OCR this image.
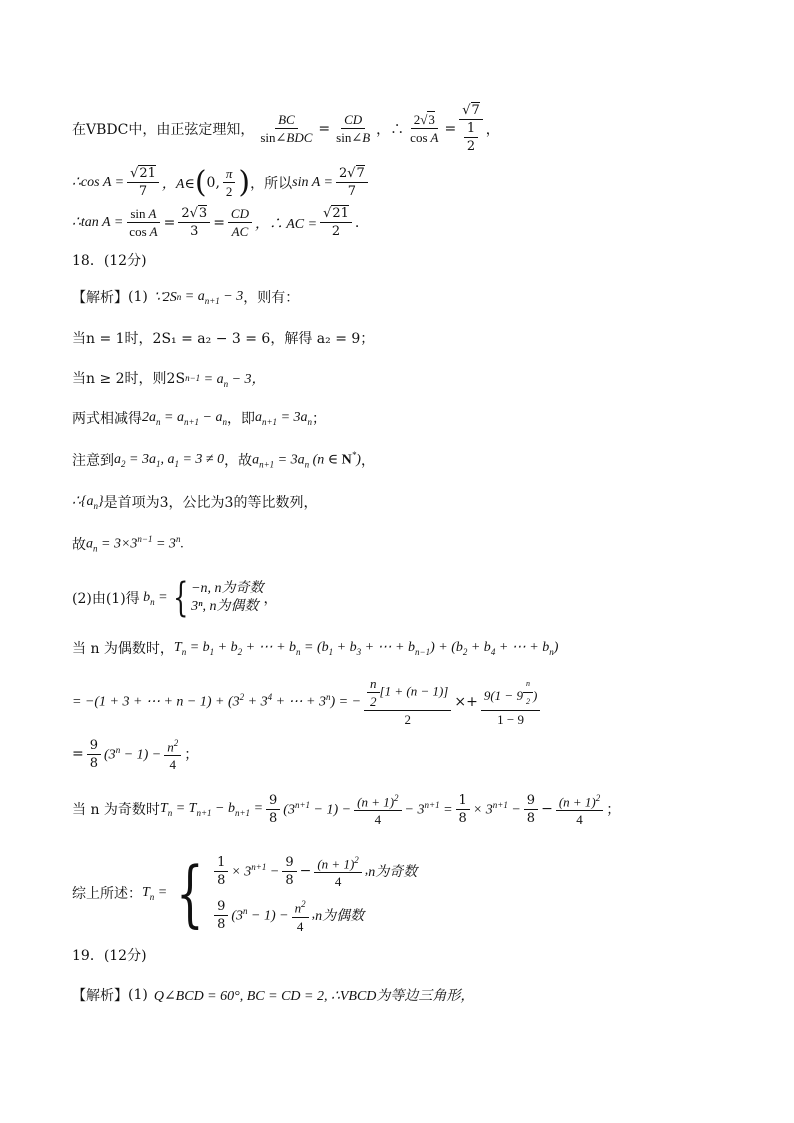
在VBDC中，由正弦定理知， $\frac{BC}{\text{sin∠BDC}} = \frac{CD}{\sin\angle B}$ ，∴ $\frac{2√3}{\text{cos A}} = \frac{√7}{\frac{1}{2}}$ ，
∴cos $A = \frac{√21}{7}$ ，A∈ ( 0, $\frac{\pi}{2}$ ) ，所以 $\sin A = \frac{2√7}{7}$
∴tan $A = \frac{\text{sin A}}{\text{cos A}} = \frac{2√3}{3} = \frac{CD}{AC}$ ，∴ AC = $\frac{√21}{2}$ .
18．(12分)
【解析】 (1) ∵2S $n = a_{n+1} - 3$ ，则有：
当n = 1时，2S₁ = a₂ − 3 = 6，解得 a₂ = 9；
当n ≥ 2时，则2S $n-1 = a_n - 3$，
两式相减得 $2a_n = a_{n+1} - a_n$ ，即 $a_{n+1} = 3a_n$ ；
注意到 $a_2 = 3a_1$, $a_1 = 3 \ne 0$ ，故 $a_{n+1} = 3a_n$ (n ∈ N*) ，
$\therefore\{a_n\}$ 是首项为3，公比为3的等比数列，
故 $a_n = 3\times 3^{n-1} = 3^n$.
(2)由(1)得 $b_n$ = { −n, n为奇数
3ⁿ, n为偶数 ，
当 n 为偶数时， $T_n = b_1 + b_2$ + ⋯ + $b_n = (b_1 + b_3$ + ⋯ + $b_{n-1}) + (b_2 + b_4$ + ⋯ + $b_n$)
= −(1 + 3 + ⋯ + $n - 1) + (3^2 + 3^4$ + ⋯ + $3^n$) = − $\frac{\frac{n}{2} [1 + (n - 1)]}{2} \times+ 9(1 - 9$ $^{\frac{n}{2}}$ )
1 − 9
= $\frac{9}{8} (3^n - 1) - \frac{n^2}{4}$ ；
当 n 为奇数时 $T_n = T_{n+1} - b_{n+1} = \frac{9}{8} (3^{n+1} - 1) - \frac{(n + 1)^2}{4} - 3^{n+1} = \frac{1}{8} \times 3^{n+1} - \frac{9}{8} - \frac{(n + 1)^2}{4}$ ；
综上所述： $T_n$ = { $\frac{1}{8} \times 3^{n+1} - \frac{9}{8} - \frac{(n + 1)^2}{4}$ , n为奇数
$\frac{9}{8} (3^n - 1) - \frac{n^2}{4}$ , n为偶数
19．(12分)
【解析】 (1) Q∠BCD = 60°, BC = CD = 2, ∴VBCD为等边三角形，
